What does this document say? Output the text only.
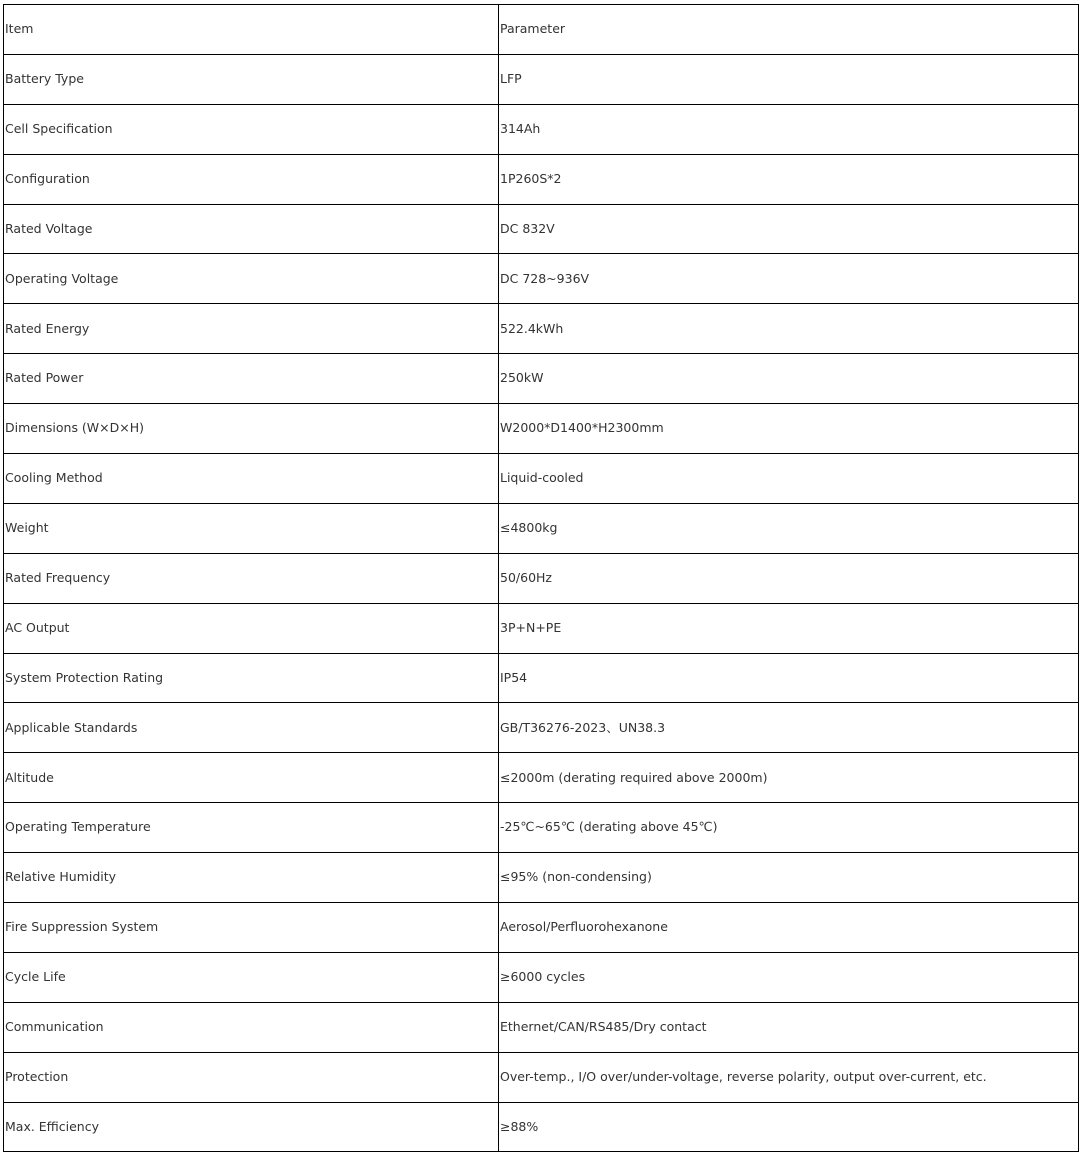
Item	Parameter
Battery Type	LFP
Cell Specification	314Ah
Configuration	1P260S*2
Rated Voltage	DC 832V
Operating Voltage	DC 728~936V
Rated Energy	522.4kWh
Rated Power	250kW
Dimensions (W×D×H)	W2000*D1400*H2300mm
Cooling Method	Liquid-cooled
Weight	≤4800kg
Rated Frequency	50/60Hz
AC Output	3P+N+PE
System Protection Rating	IP54
Applicable Standards	GB/T36276-2023、UN38.3
Altitude	≤2000m (derating required above 2000m)
Operating Temperature	-25℃~65℃ (derating above 45℃)
Relative Humidity	≤95% (non-condensing)
Fire Suppression System	Aerosol/Perfluorohexanone
Cycle Life	≥6000 cycles
Communication	Ethernet/CAN/RS485/Dry contact
Protection	Over-temp., I/O over/under-voltage, reverse polarity, output over-current, etc.
Max. Efficiency	≥88%
